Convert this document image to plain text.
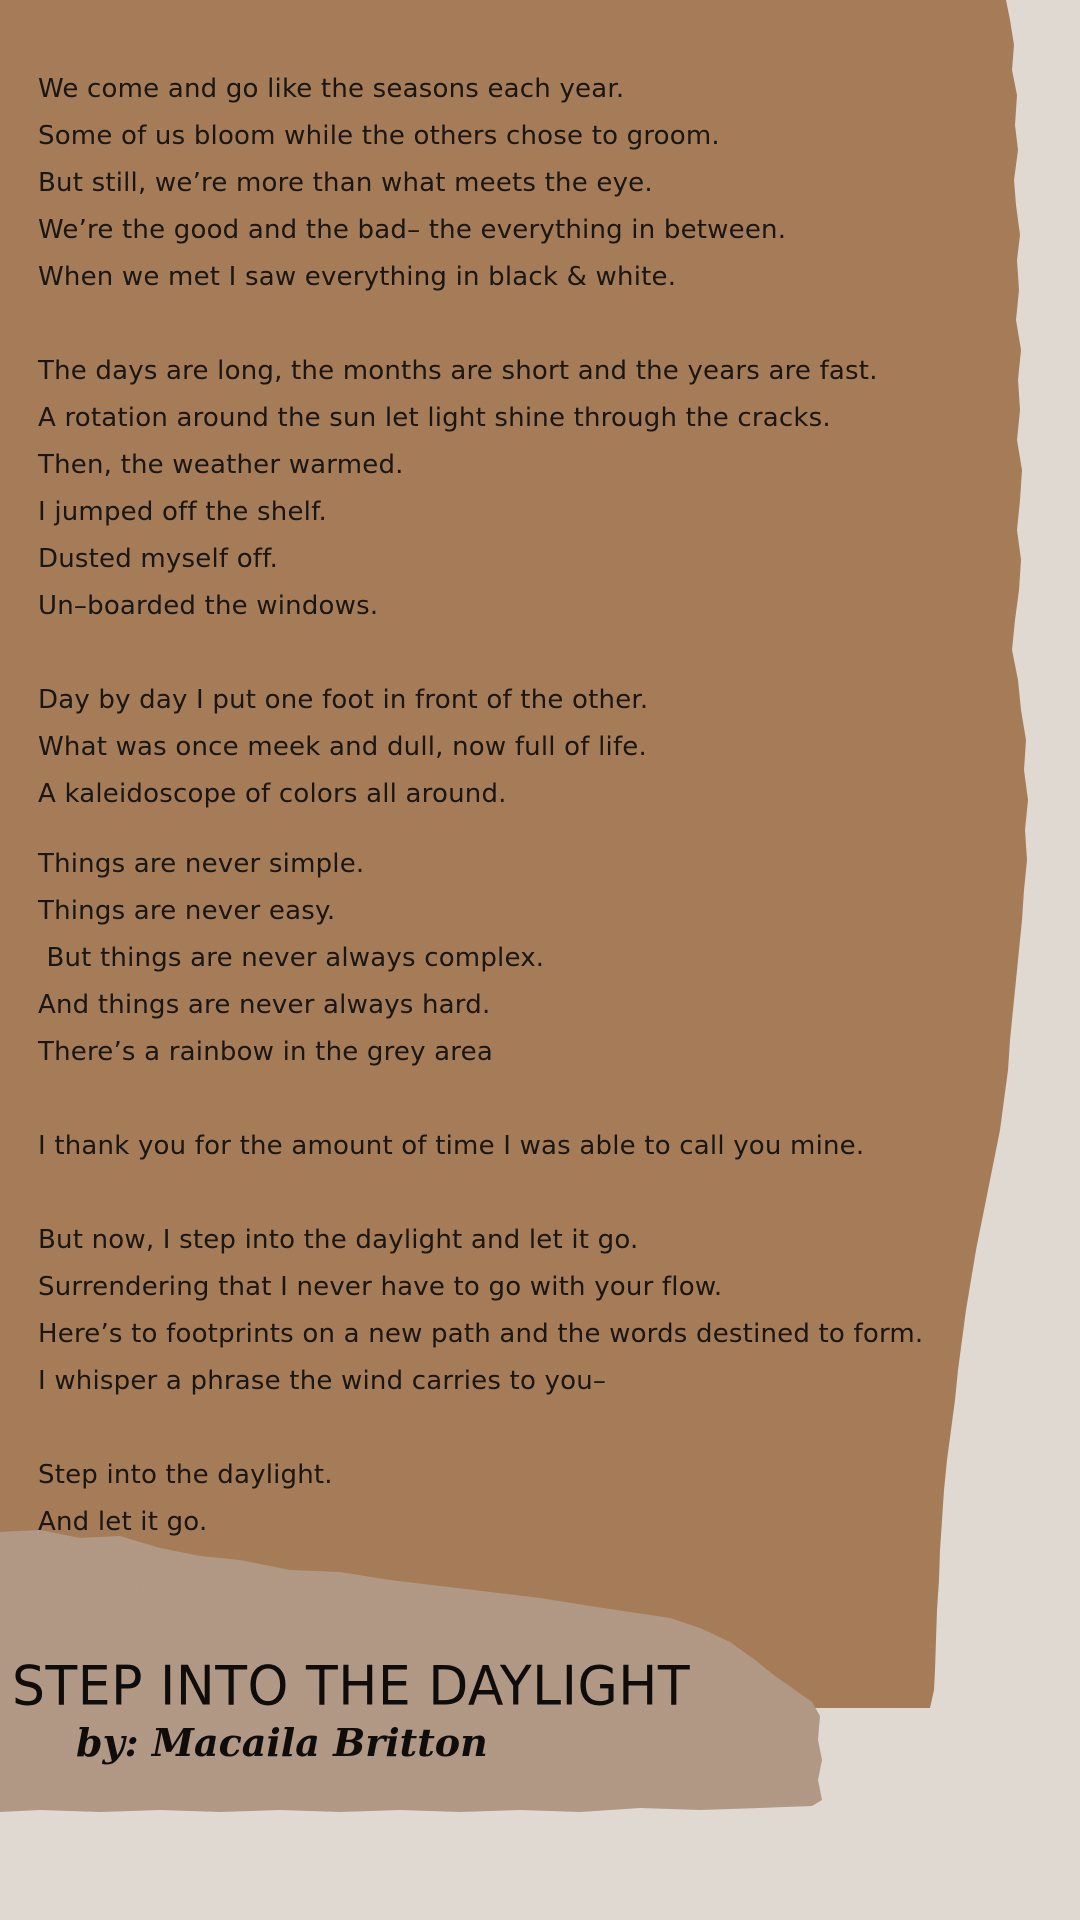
We come and go like the seasons each year.
Some of us bloom while the others chose to groom.
But still, we’re more than what meets the eye.
We’re the good and the bad– the everything in between.
When we met I saw everything in black & white.
The days are long, the months are short and the years are fast.
A rotation around the sun let light shine through the cracks.
Then, the weather warmed.
I jumped off the shelf.
Dusted myself off.
Un–boarded the windows.
Day by day I put one foot in front of the other.
What was once meek and dull, now full of life.
A kaleidoscope of colors all around.
Things are never simple.
Things are never easy.
But things are never always complex.
And things are never always hard.
There’s a rainbow in the grey area
I thank you for the amount of time I was able to call you mine.
But now, I step into the daylight and let it go.
Surrendering that I never have to go with your flow.
Here’s to footprints on a new path and the words destined to form.
I whisper a phrase the wind carries to you–
Step into the daylight.
And let it go.
STEP INTO THE DAYLIGHT

by: Macaila Britton
